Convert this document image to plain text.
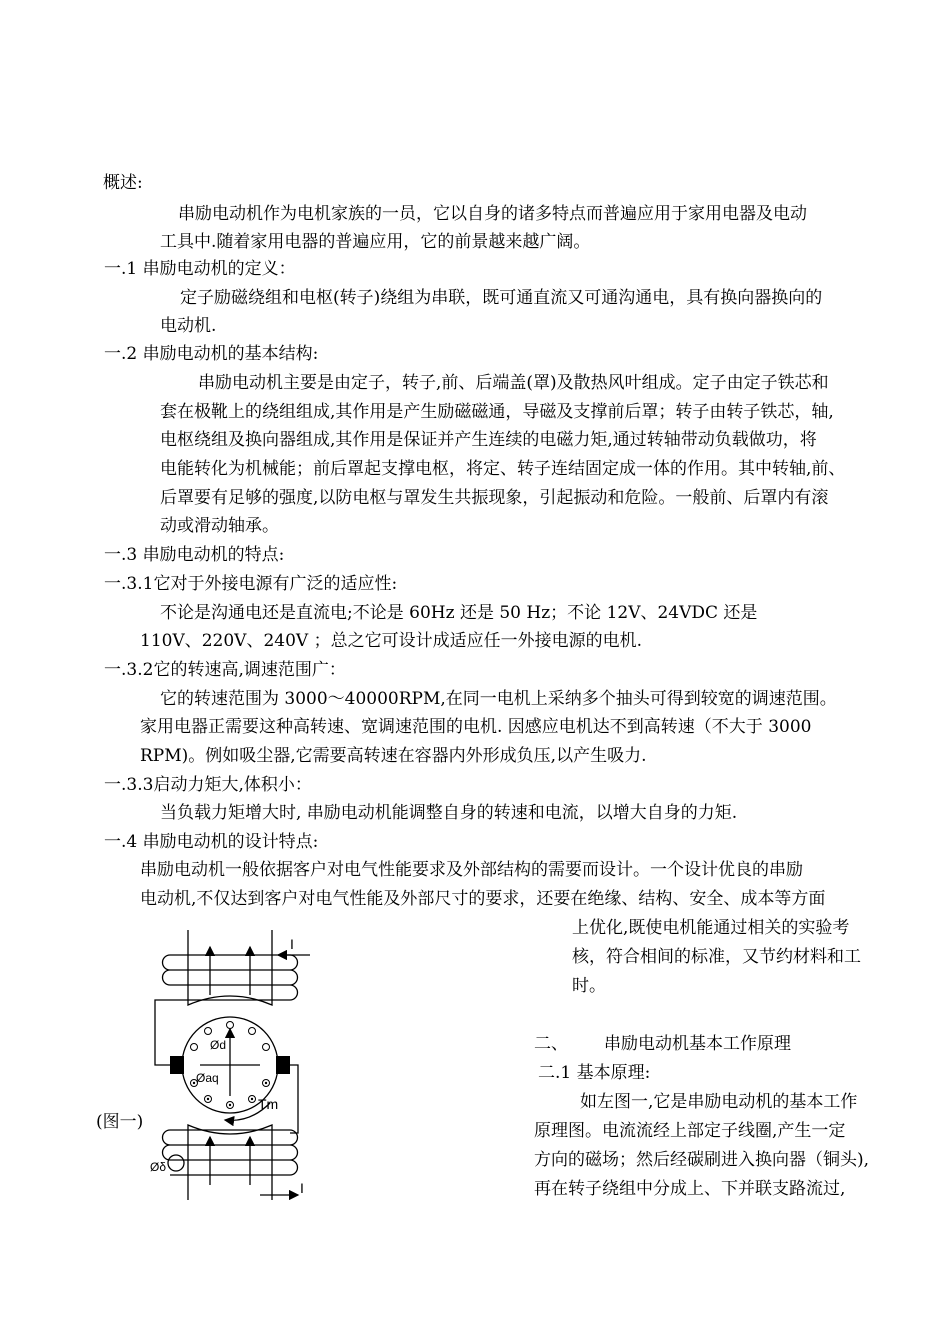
概述:
串励电动机作为电机家族的一员，它以自身的诸多特点而普遍应用于家用电器及电动
工具中.随着家用电器的普遍应用，它的前景越来越广阔。
一.1 串励电动机的定义：
定子励磁绕组和电枢(转子)绕组为串联，既可通直流又可通沟通电，具有换向器换向的
电动机.
一.2 串励电动机的基本结构:
串励电动机主要是由定子，转子,前、后端盖(罩)及散热风叶组成。定子由定子铁芯和
套在极靴上的绕组组成,其作用是产生励磁磁通，导磁及支撑前后罩；转子由转子铁芯，轴,
电枢绕组及换向器组成,其作用是保证并产生连续的电磁力矩,通过转轴带动负载做功，将
电能转化为机械能；前后罩起支撑电枢，将定、转子连结固定成一体的作用。其中转轴,前、
后罩要有足够的强度,以防电枢与罩发生共振现象，引起振动和危险。一般前、后罩内有滚
动或滑动轴承。
一.3 串励电动机的特点:
一.3.1它对于外接电源有广泛的适应性:
不论是沟通电还是直流电;不论是 60Hz 还是 50 Hz；不论 12V、24VDC 还是
110V、220V、240V ；总之它可设计成适应任一外接电源的电机.
一.3.2它的转速高,调速范围广：
它的转速范围为 3000～40000RPM,在同一电机上采纳多个抽头可得到较宽的调速范围。
家用电器正需要这种高转速、宽调速范围的电机. 因感应电机达不到高转速（不大于 3000
RPM)。例如吸尘器,它需要高转速在容器内外形成负压,以产生吸力.
一.3.3启动力矩大,体积小：
当负载力矩增大时, 串励电动机能调整自身的转速和电流，以增大自身的力矩.
一.4 串励电动机的设计特点:
串励电动机一般依据客户对电气性能要求及外部结构的需要而设计。一个设计优良的串励
电动机,不仅达到客户对电气性能及外部尺寸的要求，还要在绝缘、结构、安全、成本等方面
上优化,既使电机能通过相关的实验考
核，符合相间的标准，又节约材料和工
时。
二、 串励电动机基本工作原理
二.1 基本原理:
如左图一,它是串励电动机的基本工作
原理图。电流流经上部定子线圈,产生一定
方向的磁场；然后经碳刷进入换向器（铜头),
再在转子绕组中分成上、下并联支路流过,
(图一)
I
I
Ød
Øaq
Tm
Øδ
